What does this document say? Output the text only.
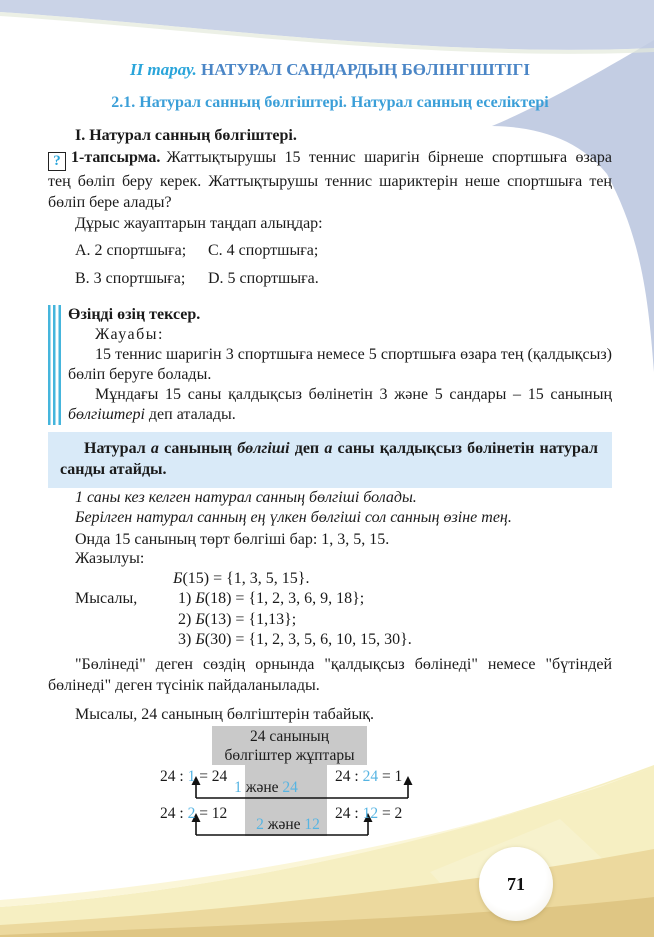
71
II тарау. НАТУРАЛ САНДАРДЫҢ БӨЛІНГІШТІГІ
2.1. Натурал санның бөлгіштері. Натурал санның еселіктері
I. Натурал санның бөлгіштері.

? 1-тапсырма. Жаттықтырушы 15 теннис шаригін бірнеше спортшыға өзара тең бөліп беру керек. Жаттықтырушы теннис шариктерін неше спортшыға тең бөліп бере алады?

Дұрыс жауаптарын таңдап алыңдар:

A. 2 спортшыға;	C. 4 спортшыға;
B. 3 спортшыға;	D. 5 спортшыға.

Өзіңді өзің тексер.

Жауабы:

15 теннис шаригін 3 спортшыға немесе 5 спортшыға өзара тең (қалдықсыз) бөліп беруге болады.

Мұндағы 15 саны қалдықсыз бөлінетін 3 және 5 сандары – 15 санының бөлгіштері деп аталады.

Натурал а санының бөлгіші деп а саны қалдықсыз бөлінетін натурал санды атайды.

1 саны кез келген натурал санның бөлгіші болады.

Берілген натурал санның ең үлкен бөлгіші сол санның өзіне тең.

Онда 15 санының төрт бөлгіші бар: 1, 3, 5, 15.

Жазылуы:

Б(15) = {1, 3, 5, 15}.

Мысалы,	1) Б(18) = {1, 2, 3, 6, 9, 18};

2) Б(13) = {1,13};

3) Б(30) = {1, 2, 3, 5, 6, 10, 15, 30}.

"Бөлінеді" деген сөздің орнында "қалдықсыз бөлінеді" немесе "бүтіндей бөлінеді" деген түсінік пайдаланылады.

Мысалы, 24 санының бөлгіштерін табайық.

24 санының
бөлгіштер жұптары
24 : 1 = 24	24 : 24 = 1
1 және 24
24 : 2 = 12	24 : 12 = 2
2 және 12
